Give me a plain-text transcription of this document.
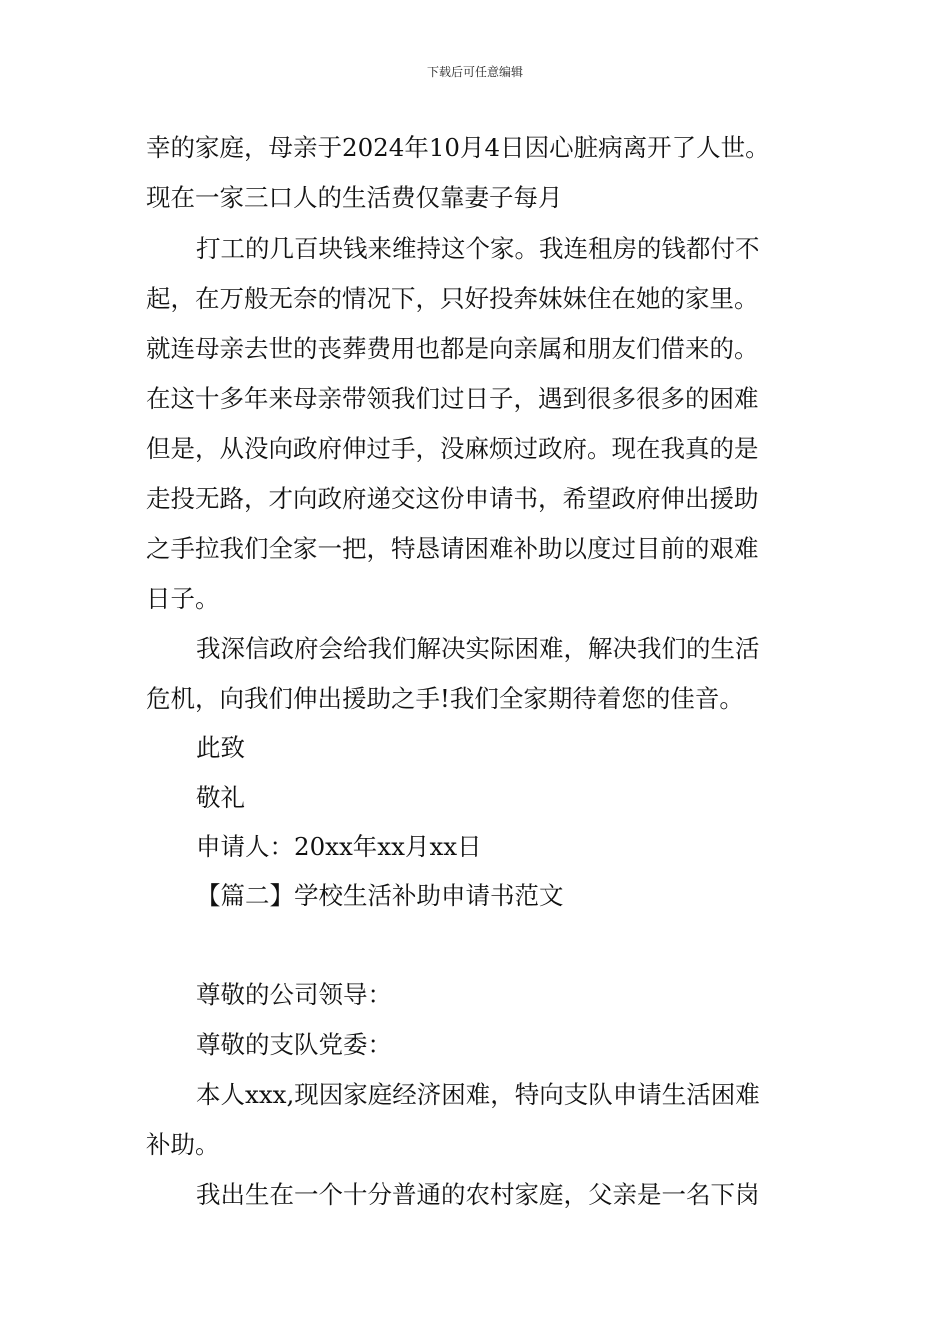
下载后可任意编辑
幸的家庭，母亲于2024年10月4日因心脏病离开了人世。
现在一家三口人的生活费仅靠妻子每月
打工的几百块钱来维持这个家。我连租房的钱都付不
起，在万般无奈的情况下，只好投奔妹妹住在她的家里。
就连母亲去世的丧葬费用也都是向亲属和朋友们借来的。
在这十多年来母亲带领我们过日子，遇到很多很多的困难
但是，从没向政府伸过手，没麻烦过政府。现在我真的是
走投无路，才向政府递交这份申请书，希望政府伸出援助
之手拉我们全家一把，特恳请困难补助以度过目前的艰难
日子。
我深信政府会给我们解决实际困难，解决我们的生活
危机，向我们伸出援助之手!我们全家期待着您的佳音。
此致
敬礼
申请人：20xx年xx月xx日
【篇二】学校生活补助申请书范文
尊敬的公司领导：
尊敬的支队党委：
本人xxx,现因家庭经济困难，特向支队申请生活困难
补助。
我出生在一个十分普通的农村家庭，父亲是一名下岗
